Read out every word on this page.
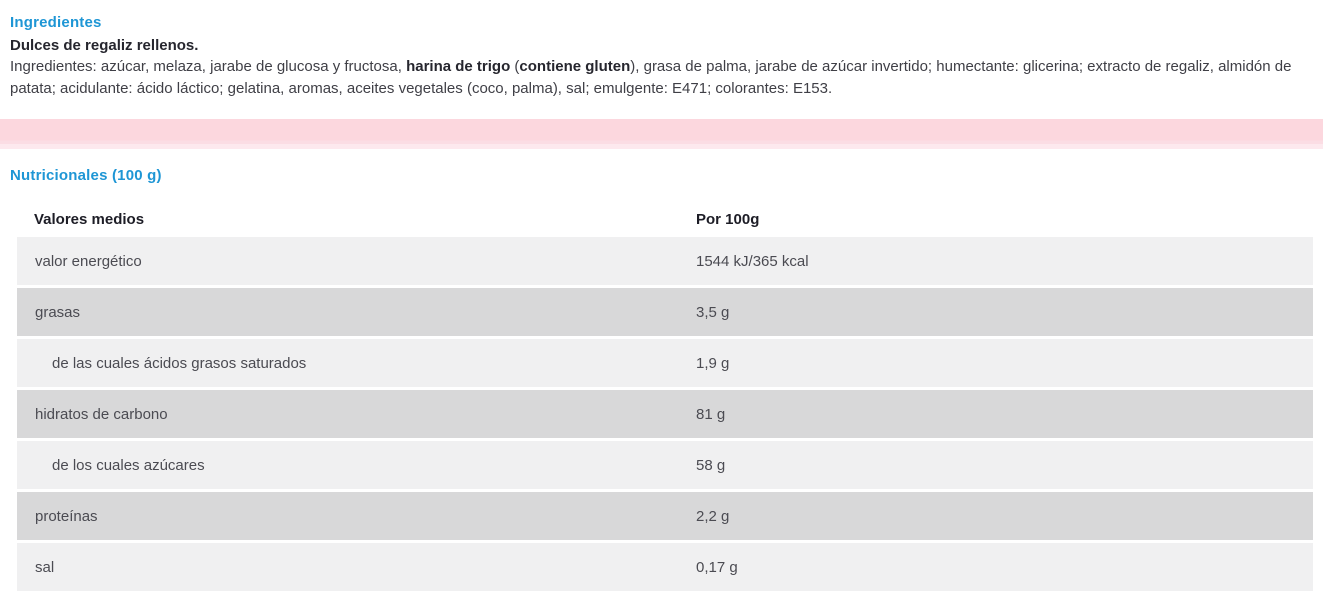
Ingredientes
Dulces de regaliz rellenos.

Ingredientes: azúcar, melaza, jarabe de glucosa y fructosa, harina de trigo (contiene gluten), grasa de palma, jarabe de azúcar invertido; humectante: glicerina; extracto de regaliz, almidón de patata; acidulante: ácido láctico; gelatina, aromas, aceites vegetales (coco, palma), sal; emulgente: E471; colorantes: E153.

Nutricionales (100 g)
Valores medios	Por 100g
valor energético	1544 kJ/365 kcal
grasas	3,5 g
de las cuales ácidos grasos saturados	1,9 g
hidratos de carbono	81 g
de los cuales azúcares	58 g
proteínas	2,2 g
sal	0,17 g
